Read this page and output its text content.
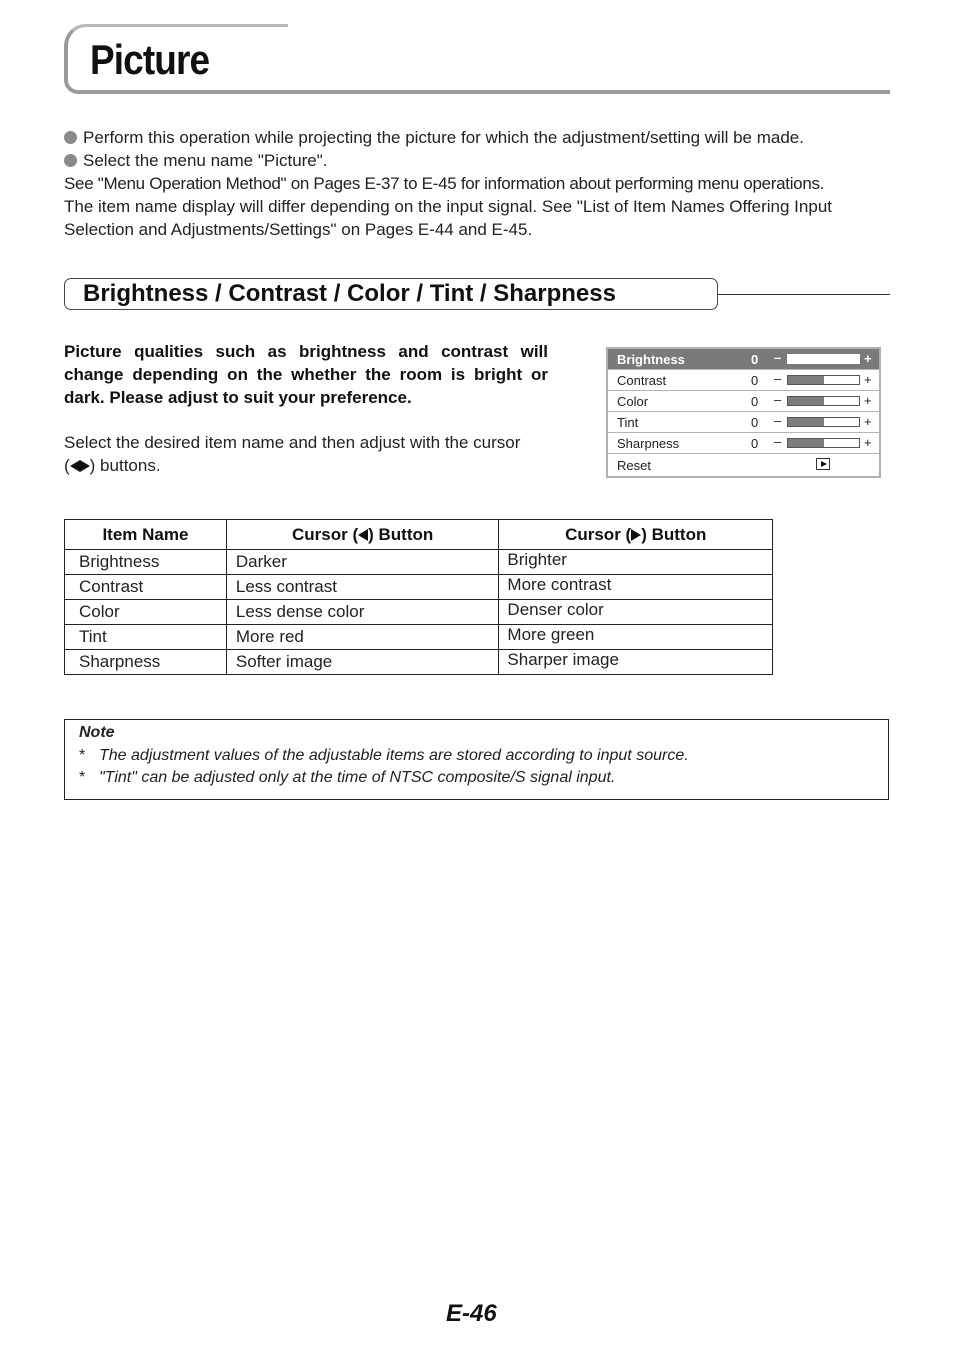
Picture

Perform this operation while projecting the picture for which the adjustment/setting will be made.

Select the menu name "Picture".

See "Menu Operation Method" on Pages E-37 to E-45 for information about performing menu operations.

The item name display will differ depending on the input signal. See "List of Item Names Offering Input

Selection and Adjustments/Settings" on Pages E-44 and E-45.

Brightness / Contrast / Color / Tint / Sharpness
Picture qualities such as brightness and contrast will change depending on the whether the room is bright or dark. Please adjust to suit your preference.
Select the desired item name and then adjust with the cursor
( ) buttons.
Brightness	0 –	+
Contrast	0 –	+
Color	0 –	+
Tint	0 –	+
Sharpness	0 –	+
Reset
Item Name	Cursor ( ) Button	Cursor ( ) Button
Brightness	Darker	Brighter
Contrast	Less contrast	More contrast
Color	Less dense color	Denser color
Tint	More red	More green
Sharpness	Softer image	Sharper image
Note
* The adjustment values of the adjustable items are stored according to input source.
* "Tint" can be adjusted only at the time of NTSC composite/S signal input.
E-46
